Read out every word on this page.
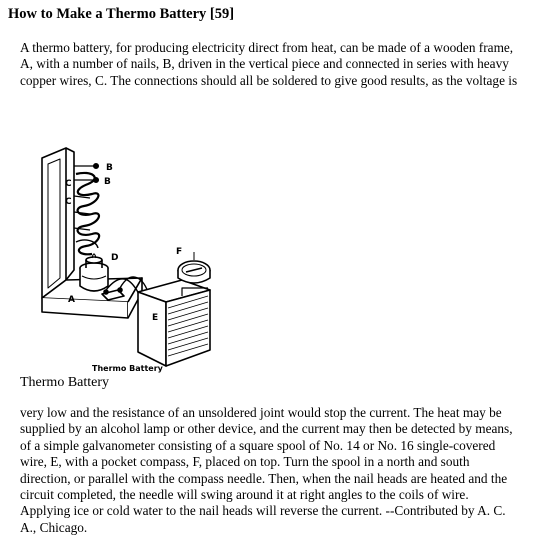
How to Make a Thermo Battery [59]

A thermo battery, for producing electricity direct from heat, can be made of a wooden frame, A, with a number of nails, B, driven in the vertical piece and connected in series with heavy copper wires, C. The connections should all be soldered to give good results, as the voltage is

B
B
C
C
D
A
E
F
Thermo Battery
Thermo Battery

very low and the resistance of an unsoldered joint would stop the current. The heat may be supplied by an alcohol lamp or other device, and the current may then be detected by means, of a simple galvanometer consisting of a square spool of No. 14 or No. 16 single-covered wire, E, with a pocket compass, F, placed on top. Turn the spool in a north and south direction, or parallel with the compass needle. Then, when the nail heads are heated and the circuit completed, the needle will swing around it at right angles to the coils of wire. Applying ice or cold water to the nail heads will reverse the current. --Contributed by A. C. A., Chicago.
